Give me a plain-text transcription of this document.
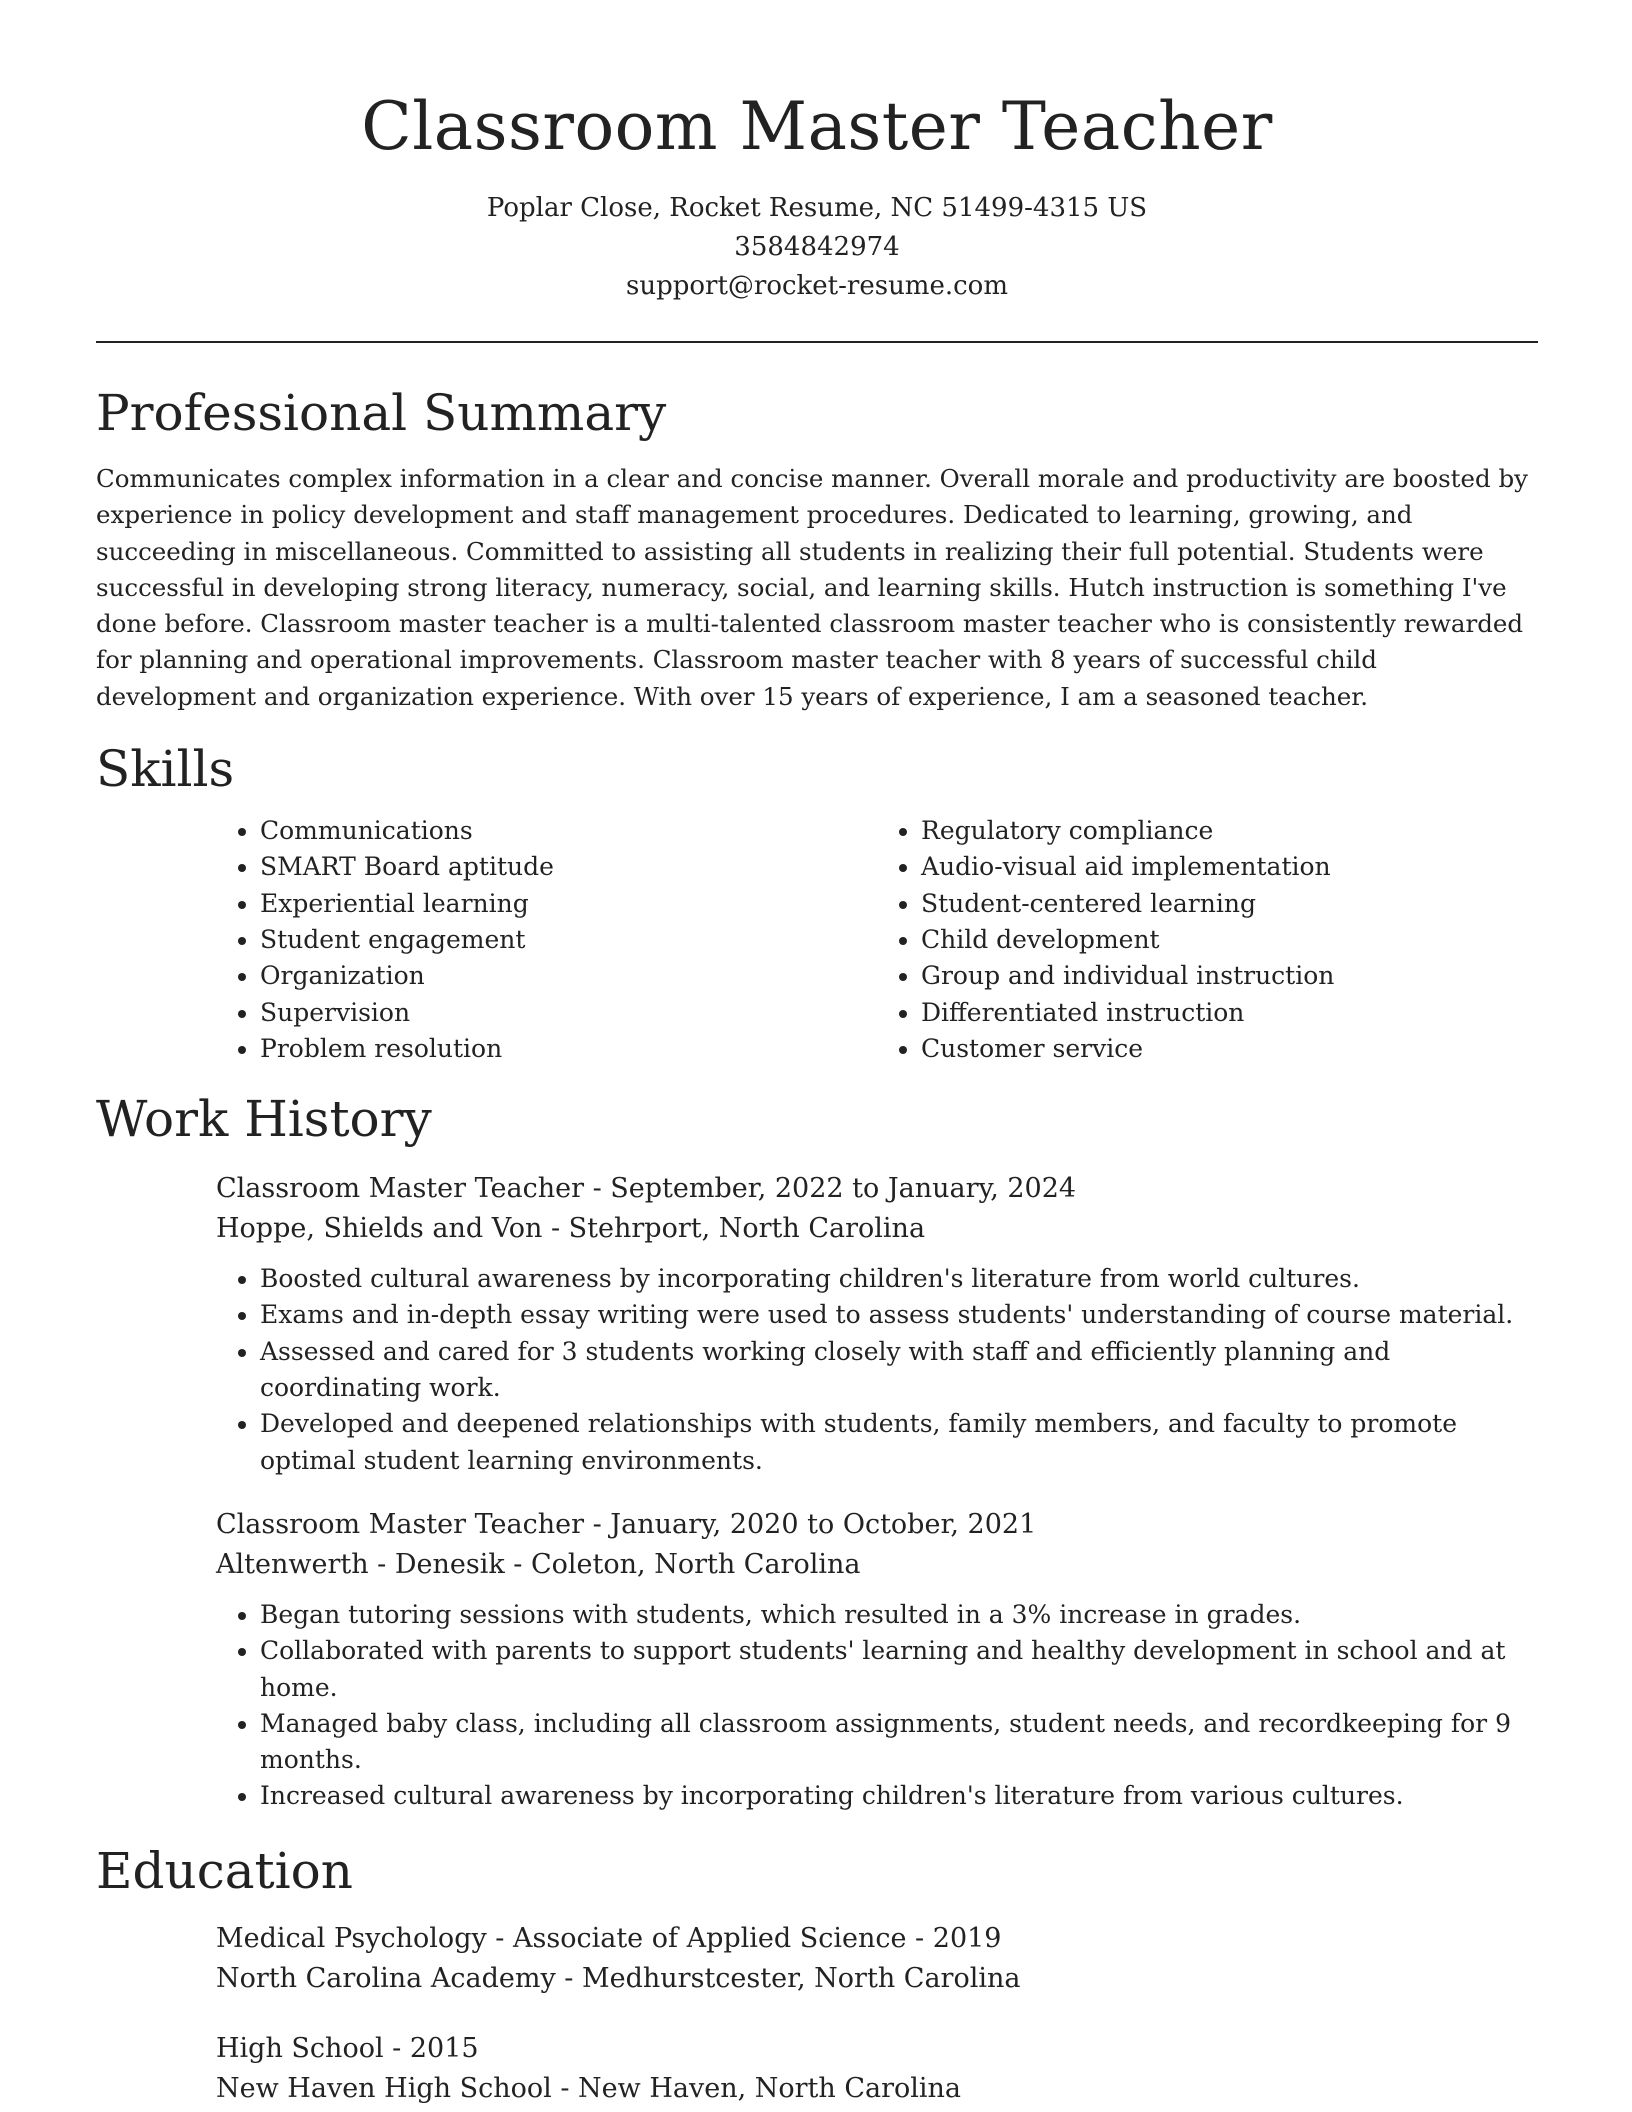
Classroom Master Teacher
Poplar Close, Rocket Resume, NC 51499-4315 US
3584842974
support@rocket-resume.com
Professional Summary

Communicates complex information in a clear and concise manner. Overall morale and productivity are boosted by experience in policy development and staff management procedures. Dedicated to learning, growing, and succeeding in miscellaneous. Committed to assisting all students in realizing their full potential. Students were successful in developing strong literacy, numeracy, social, and learning skills. Hutch instruction is something I've done before. Classroom master teacher is a multi-talented classroom master teacher who is consistently rewarded for planning and operational improvements. Classroom master teacher with 8 years of successful child development and organization experience. With over 15 years of experience, I am a seasoned teacher.

Skills
• Communications
• SMART Board aptitude
• Experiential learning
• Student engagement
• Organization
• Supervision
• Problem resolution
• Regulatory compliance
• Audio-visual aid implementation
• Student-centered learning
• Child development
• Group and individual instruction
• Differentiated instruction
• Customer service
Work History
Classroom Master Teacher - September, 2022 to January, 2024
Hoppe, Shields and Von - Stehrport, North Carolina
• Boosted cultural awareness by incorporating children's literature from world cultures.
• Exams and in-depth essay writing were used to assess students' understanding of course material.
• Assessed and cared for 3 students working closely with staff and efficiently planning and coordinating work.
• Developed and deepened relationships with students, family members, and faculty to promote optimal student learning environments.
Classroom Master Teacher - January, 2020 to October, 2021
Altenwerth - Denesik - Coleton, North Carolina
• Began tutoring sessions with students, which resulted in a 3% increase in grades.
• Collaborated with parents to support students' learning and healthy development in school and at home.
• Managed baby class, including all classroom assignments, student needs, and recordkeeping for 9 months.
• Increased cultural awareness by incorporating children's literature from various cultures.
Education
Medical Psychology - Associate of Applied Science - 2019
North Carolina Academy - Medhurstcester, North Carolina
High School - 2015
New Haven High School - New Haven, North Carolina
